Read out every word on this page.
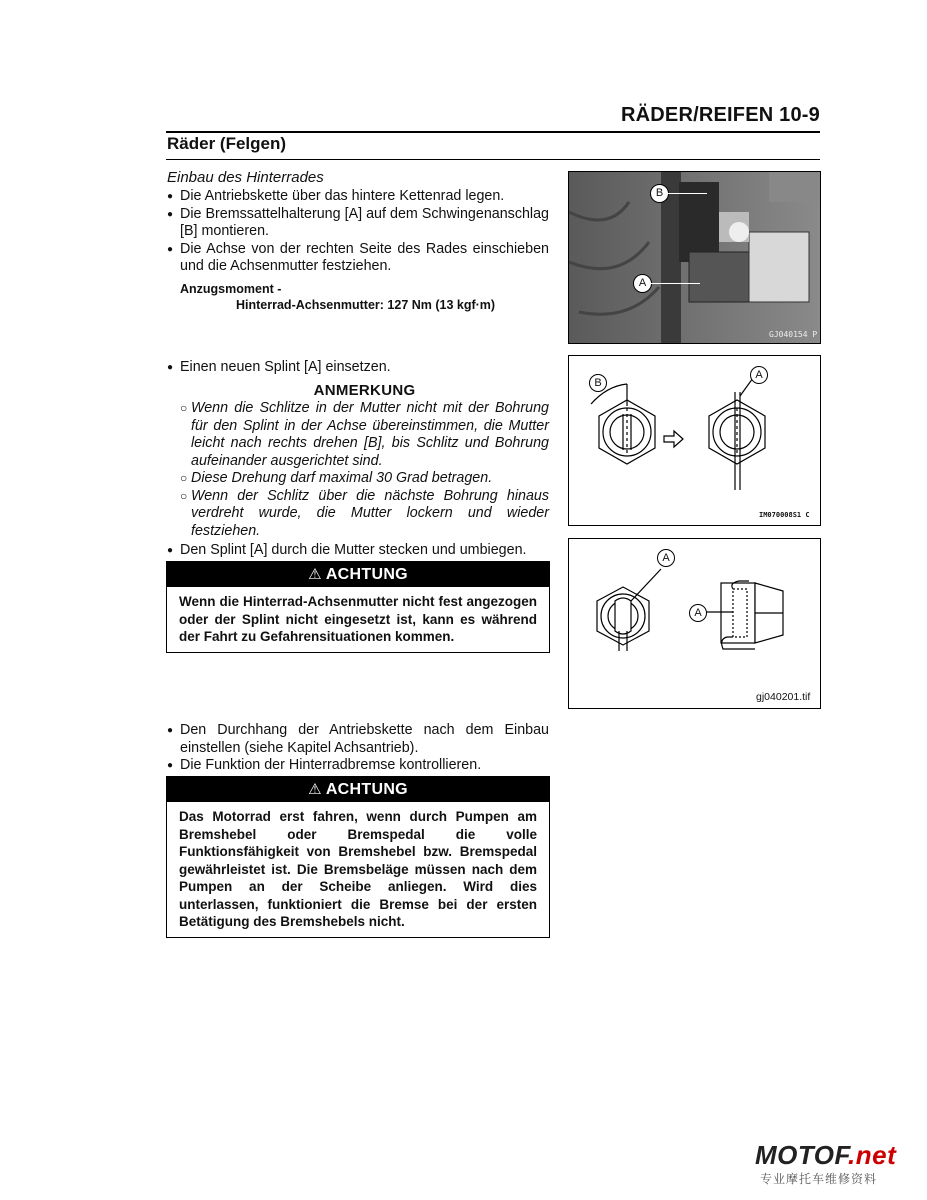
RÄDER/REIFEN 10-9
Räder (Felgen)
Einbau des Hinterrades
● Die Antriebskette über das hintere Kettenrad legen.
● Die Bremssattelhalterung [A] auf dem Schwingenanschlag [B] montieren.
● Die Achse von der rechten Seite des Rades einschieben und die Achsenmutter festziehen.
Anzugsmoment -
Hinterrad-Achsenmutter: 127 Nm (13 kgf·m)
● Einen neuen Splint [A] einsetzen.
ANMERKUNG
○ Wenn die Schlitze in der Mutter nicht mit der Bohrung für den Splint in der Achse übereinstimmen, die Mutter leicht nach rechts drehen [B], bis Schlitz und Bohrung aufeinander ausgerichtet sind.
○ Diese Drehung darf maximal 30 Grad betragen.
○ Wenn der Schlitz über die nächste Bohrung hinaus verdreht wurde, die Mutter lockern und wieder festziehen.
● Den Splint [A] durch die Mutter stecken und umbiegen.
⚠ ACHTUNG
Wenn die Hinterrad-Achsenmutter nicht fest angezogen oder der Splint nicht eingesetzt ist, kann es während der Fahrt zu Gefahrensituationen kommen.
● Den Durchhang der Antriebskette nach dem Einbau einstellen (siehe Kapitel Achsantrieb).
● Die Funktion der Hinterradbremse kontrollieren.
⚠ ACHTUNG
Das Motorrad erst fahren, wenn durch Pumpen am Bremshebel oder Bremspedal die volle Funktionsfähigkeit von Bremshebel bzw. Bremspedal gewährleistet ist. Die Bremsbeläge müssen nach dem Pumpen an der Scheibe anliegen. Wird dies unterlassen, funktioniert die Bremse bei der ersten Betätigung des Bremshebels nicht.
B
A
GJ040154 P
B
A
IM070008S1 C
A
A
gj040201.tif
MOTOF.net
专业摩托车维修资料
